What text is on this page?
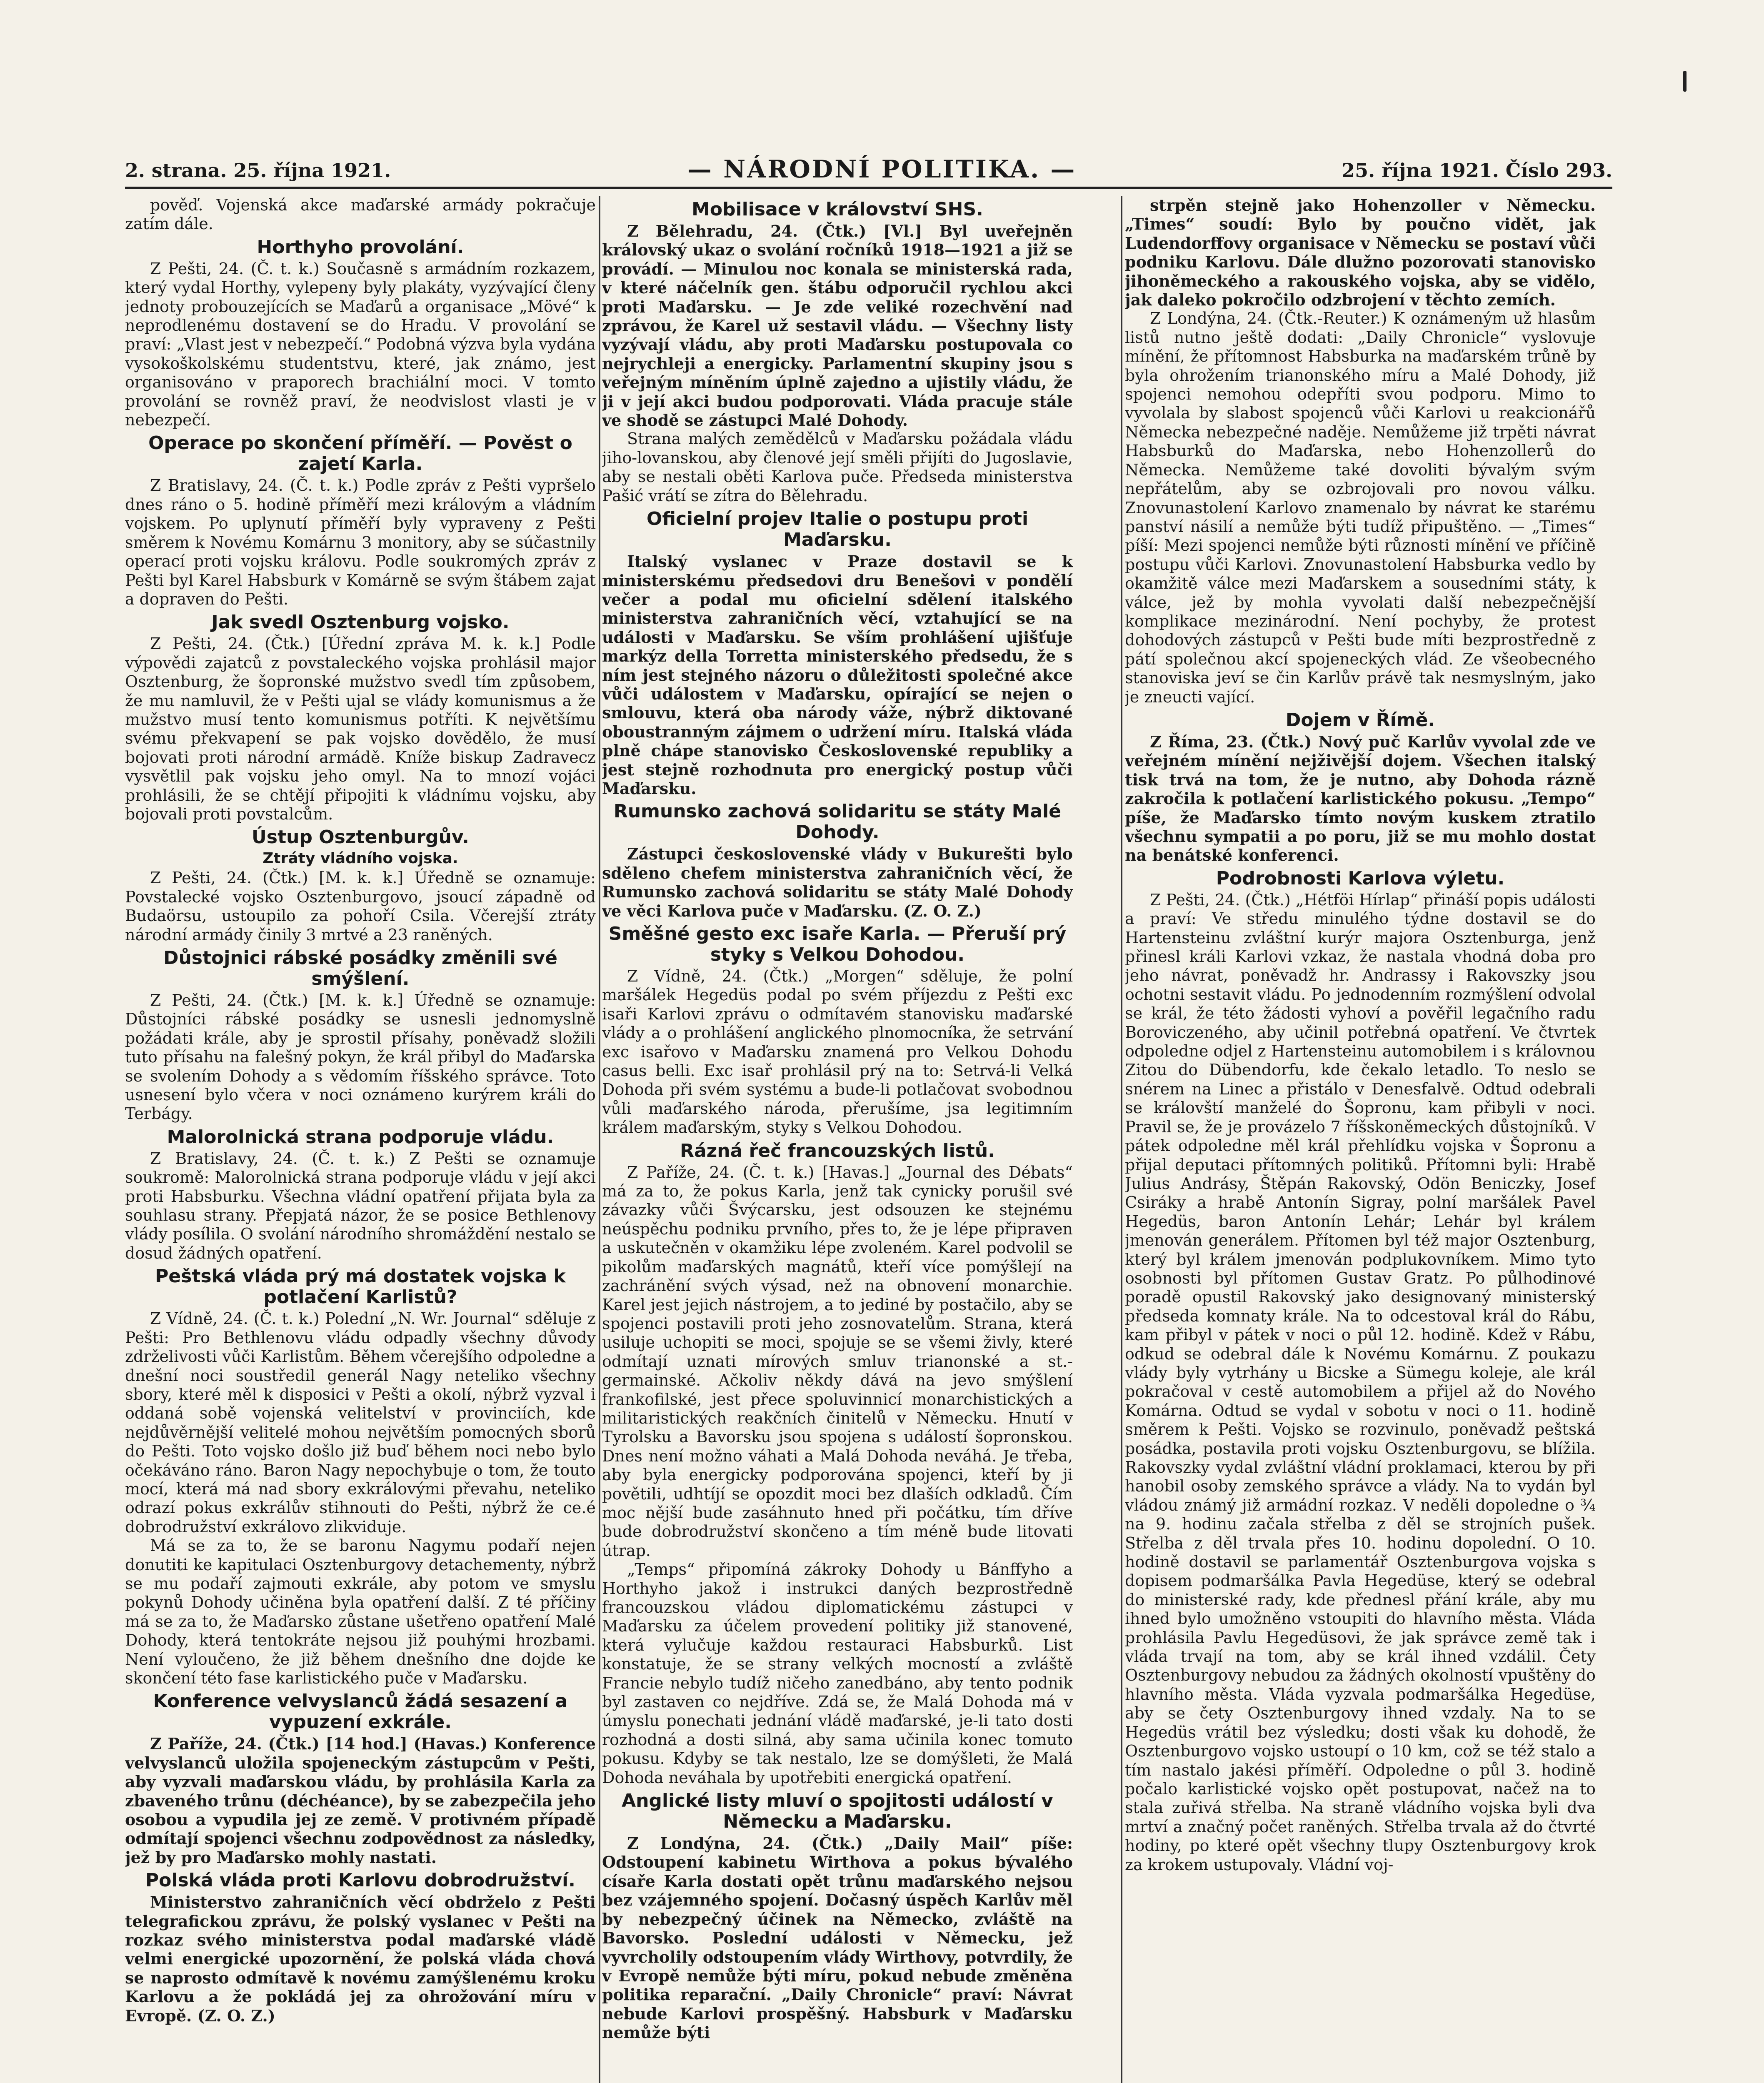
2. strana. 25. října 1921.	— NÁRODNÍ POLITIKA. —	25. října 1921. Číslo 293.

pověď. Vojenská akce maďarské armády pokračuje zatím dále.

Horthyho provolání.

Z Pešti, 24. (Č. t. k.) Současně s armádním rozkazem, který vydal Horthy, vylepeny byly plakáty, vyzývající členy jednoty probouzejících se Maďarů a organisace „Mövé“ k neprodlenému dostavení se do Hradu. V provolání se praví: „Vlast jest v nebezpečí.“ Podobná výzva byla vydána vysokoškolskému studentstvu, které, jak známo, jest organisováno v praporech brachiální moci. V tomto provolání se rovněž praví, že neodvislost vlasti je v nebezpečí.

Operace po skončení příměří. — Pověst o zajetí Karla.

Z Bratislavy, 24. (Č. t. k.) Podle zpráv z Pešti vypršelo dnes ráno o 5. hodině příměří mezi královým a vládním vojskem. Po uplynutí příměří byly vypraveny z Pešti směrem k Novému Komárnu 3 monitory, aby se súčastnily operací proti vojsku královu. Podle soukromých zpráv z Pešti byl Karel Habsburk v Komárně se svým štábem zajat a dopraven do Pešti.

Jak svedl Osztenburg vojsko.

Z Pešti, 24. (Čtk.) [Úřední zpráva M. k. k.] Podle výpovědi zajatců z povstaleckého vojska prohlásil major Osztenburg, že šopronské mužstvo svedl tím způsobem, že mu namluvil, že v Pešti ujal se vlády komunismus a že mužstvo musí tento komunismus potříti. K největšímu svému překvapení se pak vojsko dovědělo, že musí bojovati proti národní armádě. Kníže biskup Zadravecz vysvětlil pak vojsku jeho omyl. Na to mnozí vojáci prohlásili, že se chtějí připojiti k vládnímu vojsku, aby bojovali proti povstalcům.

Ústup Osztenburgův.
Ztráty vládního vojska.

Z Pešti, 24. (Čtk.) [M. k. k.] Úředně se oznamuje: Povstalecké vojsko Osztenburgovo, jsoucí západně od Budaörsu, ustoupilo za pohoří Csila. Včerejší ztráty národní armády činily 3 mrtvé a 23 raněných.

Důstojnici rábské posádky změnili své smýšlení.

Z Pešti, 24. (Čtk.) [M. k. k.] Úředně se oznamuje: Důstojníci rábské posádky se usnesli jednomyslně požádati krále, aby je sprostil přísahy, poněvadž složili tuto přísahu na falešný pokyn, že král přibyl do Maďarska se svolením Dohody a s vědomím říšského správce. Toto usnesení bylo včera v noci oznámeno kurýrem králi do Terbágy.

Malorolnická strana podporuje vládu.

Z Bratislavy, 24. (Č. t. k.) Z Pešti se oznamuje soukromě: Malorolnická strana podporuje vládu v její akci proti Habsburku. Všechna vládní opatření přijata byla za souhlasu strany. Přepjatá názor, že se posice Bethlenovy vlády posílila. O svolání národního shromáždění nestalo se dosud žádných opatření.

Peštská vláda prý má dostatek vojska k potlačení Karlistů?

Z Vídně, 24. (Č. t. k.) Polední „N. Wr. Journal“ sděluje z Pešti: Pro Bethlenovu vládu odpadly všechny důvody zdrželivosti vůči Karlistům. Během včerejšího odpoledne a dnešní noci soustředil generál Nagy neteliko všechny sbory, které měl k disposici v Pešti a okolí, nýbrž vyzval i oddaná sobě vojenská velitelství v provinciích, kde nejdůvěrnější velitelé mohou největším pomocných sborů do Pešti. Toto vojsko došlo již buď během noci nebo bylo očekáváno ráno. Baron Nagy nepochybuje o tom, že touto mocí, která má nad sbory exkrálovými převahu, neteliko odrazí pokus exkrálův stihnouti do Pešti, nýbrž že ce.é dobrodružství exkrálovo zlikviduje.

Má se za to, že se baronu Nagymu podaří nejen donutiti ke kapitulaci Osztenburgovy detachementy, nýbrž se mu podaří zajmouti exkrále, aby potom ve smyslu pokynů Dohody učiněna byla opatření další. Z té příčiny má se za to, že Maďarsko zůstane ušetřeno opatření Malé Dohody, která tentokráte nejsou již pouhými hrozbami. Není vyloučeno, že již během dnešního dne dojde ke skončení této fase karlistického puče v Maďarsku.

Konference velvyslanců žádá sesazení a vypuzení exkrále.

Z Paříže, 24. (Čtk.) [14 hod.] (Havas.) Konference velvyslanců uložila spojeneckým zástupcům v Pešti, aby vyzvali maďarskou vládu, by prohlásila Karla za zbaveného trůnu (déchéance), by se zabezpečila jeho osobou a vypudila jej ze země. V protivném případě odmítají spojenci všechnu zodpovědnost za následky, jež by pro Maďarsko mohly nastati.

Polská vláda proti Karlovu dobrodružství.

Ministerstvo zahraničních věcí obdrželo z Pešti telegrafickou zprávu, že polský vyslanec v Pešti na rozkaz svého ministerstva podal maďarské vládě velmi energické upozornění, že polská vláda chová se naprosto odmítavě k novému zamýšlenému kroku Karlovu a že pokládá jej za ohrožování míru v Evropě. (Z. O. Z.)

Mobilisace v království SHS.

Z Bělehradu, 24. (Čtk.) [Vl.] Byl uveřejněn královský ukaz o svolání ročníků 1918—1921 a již se provádí. — Minulou noc konala se ministerská rada, v které náčelník gen. štábu odporučil rychlou akci proti Maďarsku. — Je zde veliké rozechvění nad zprávou, že Karel už sestavil vládu. — Všechny listy vyzývají vládu, aby proti Maďarsku postupovala co nejrychleji a energicky. Parlamentní skupiny jsou s veřejným míněním úplně zajedno a ujistily vládu, že ji v její akci budou podporovati. Vláda pracuje stále ve shodě se zástupci Malé Dohody.

Strana malých zemědělců v Maďarsku požádala vládu jiho-lovanskou, aby členové její směli přijíti do Jugoslavie, aby se nestali oběti Karlova puče. Předseda ministerstva Pašić vrátí se zítra do Bělehradu.

Oficielní projev Italie o postupu proti Maďarsku.

Italský vyslanec v Praze dostavil se k ministerskému předsedovi dru Benešovi v pondělí večer a podal mu oficielní sdělení italského ministerstva zahraničních věcí, vztahující se na události v Maďarsku. Se vším prohlášení ujišťuje markýz della Torretta ministerského předsedu, že s ním jest stejného názoru o důležitosti společné akce vůči událostem v Maďarsku, opírající se nejen o smlouvu, která oba národy váže, nýbrž diktované oboustranným zájmem o udržení míru. Italská vláda plně chápe stanovisko Československé republiky a jest stejně rozhodnuta pro energický postup vůči Maďarsku.

Rumunsko zachová solidaritu se státy Malé Dohody.

Zástupci československé vlády v Bukurešti bylo sděleno chefem ministerstva zahraničních věcí, že Rumunsko zachová solidaritu se státy Malé Dohody ve věci Karlova puče v Maďarsku. (Z. O. Z.)

Směšné gesto exc isaře Karla. — Přeruší prý styky s Velkou Dohodou.

Z Vídně, 24. (Čtk.) „Morgen“ sděluje, že polní maršálek Hegedüs podal po svém příjezdu z Pešti exc isaři Karlovi zprávu o odmítavém stanovisku maďarské vlády a o prohlášení anglického plnomocníka, že setrvání exc isařovo v Maďarsku znamená pro Velkou Dohodu casus belli. Exc isař prohlásil prý na to: Setrvá-li Velká Dohoda při svém systému a bude-li potlačovat svobodnou vůli maďarského národa, přerušíme, jsa legitimním králem maďarským, styky s Velkou Dohodou.

Rázná řeč francouzských listů.

Z Paříže, 24. (Č. t. k.) [Havas.] „Journal des Débats“ má za to, že pokus Karla, jenž tak cynicky porušil své závazky vůči Švýcarsku, jest odsouzen ke stejnému neúspěchu podniku prvního, přes to, že je lépe připraven a uskutečněn v okamžiku lépe zvoleném. Karel podvolil se pikolům maďarských magnátů, kteří více pomýšlejí na zachránění svých výsad, než na obnovení monarchie. Karel jest jejich nástrojem, a to jediné by postačilo, aby se spojenci postavili proti jeho zosnovatelům. Strana, která usiluje uchopiti se moci, spojuje se se všemi živly, které odmítají uznati mírových smluv trianonské a st.-germainské. Ačkoliv někdy dává na jevo smýšlení frankofilské, jest přece spoluvinnicí monarchistických a militaristických reakčních činitelů v Německu. Hnutí v Tyrolsku a Bavorsku jsou spojena s událostí šopronskou. Dnes není možno váhati a Malá Dohoda neváhá. Je třeba, aby byla energicky podporována spojenci, kteří by ji povětili, udhtíjí se opozdit moci bez dlaších odkladů. Čím moc nější bude zasáhnuto hned při počátku, tím dříve bude dobrodružství skončeno a tím méně bude litovati útrap.

„Temps“ připomíná zákroky Dohody u Bánffyho a Horthyho jakož i instrukci daných bezprostředně francouzskou vládou diplomatickému zástupci v Maďarsku za účelem provedení politiky již stanovené, která vylučuje každou restauraci Habsburků. List konstatuje, že se strany velkých mocností a zvláště Francie nebylo tudíž ničeho zanedbáno, aby tento podnik byl zastaven co nejdříve. Zdá se, že Malá Dohoda má v úmyslu ponechati jednání vládě maďarské, je-li tato dosti rozhodná a dosti silná, aby sama učinila konec tomuto pokusu. Kdyby se tak nestalo, lze se domýšleti, že Malá Dohoda neváhala by upotřebiti energická opatření.

Anglické listy mluví o spojitosti událostí v Německu a Maďarsku.

Z Londýna, 24. (Čtk.) „Daily Mail“ píše: Odstoupení kabinetu Wirthova a pokus bývalého císaře Karla dostati opět trůnu maďarského nejsou bez vzájemného spojení. Dočasný úspěch Karlův měl by nebezpečný účinek na Německo, zvláště na Bavorsko. Poslední události v Německu, jež vyvrcholily odstoupením vlády Wirthovy, potvrdily, že v Evropě nemůže býti míru, pokud nebude změněna politika reparační. „Daily Chronicle“ praví: Návrat nebude Karlovi prospěšný. Habsburk v Maďarsku nemůže býti

strpěn stejně jako Hohenzoller v Německu. „Times“ soudí: Bylo by poučno vidět, jak Ludendorffovy organisace v Německu se postaví vůči podniku Karlovu. Dále dlužno pozorovati stanovisko jihoněmeckého a rakouského vojska, aby se vidělo, jak daleko pokročilo odzbrojení v těchto zemích.

Z Londýna, 24. (Čtk.-Reuter.) K oznámeným už hlasům listů nutno ještě dodati: „Daily Chronicle“ vyslovuje mínění, že přítomnost Habsburka na maďarském trůně by byla ohrožením trianonského míru a Malé Dohody, již spojenci nemohou odepříti svou podporu. Mimo to vyvolala by slabost spojenců vůči Karlovi u reakcionářů Německa nebezpečné naděje. Nemůžeme již trpěti návrat Habsburků do Maďarska, nebo Hohenzollerů do Německa. Nemůžeme také dovoliti bývalým svým nepřátelům, aby se ozbrojovali pro novou válku. Znovunastolení Karlovo znamenalo by návrat ke starému panství násilí a nemůže býti tudíž připuštěno. — „Times“ píší: Mezi spojenci nemůže býti různosti mínění ve příčině postupu vůči Karlovi. Znovunastolení Habsburka vedlo by okamžitě válce mezi Maďarskem a sousedními státy, k válce, jež by mohla vyvolati další nebezpečnější komplikace mezinárodní. Není pochyby, že protest dohodových zástupců v Pešti bude míti bezprostředně z pátí společnou akcí spojeneckých vlád. Ze všeobecného stanoviska jeví se čin Karlův právě tak nesmyslným, jako je zneucti vající.

Dojem v Římě.

Z Říma, 23. (Čtk.) Nový puč Karlův vyvolal zde ve veřejném mínění nejživější dojem. Všechen italský tisk trvá na tom, že je nutno, aby Dohoda rázně zakročila k potlačení karlistického pokusu. „Tempo“ píše, že Maďarsko tímto novým kuskem ztratilo všechnu sympatii a po poru, již se mu mohlo dostat na benátské konferenci.

Podrobnosti Karlova výletu.

Z Pešti, 24. (Čtk.) „Hétföi Hírlap“ přináší popis události a praví: Ve středu minulého týdne dostavil se do Hartensteinu zvláštní kurýr majora Osztenburga, jenž přinesl králi Karlovi vzkaz, že nastala vhodná doba pro jeho návrat, poněvadž hr. Andrassy i Rakovszky jsou ochotni sestavit vládu. Po jednodenním rozmýšlení odvolal se král, že této žádosti vyhoví a pověřil legačního radu Boroviczeného, aby učinil potřebná opatření. Ve čtvrtek odpoledne odjel z Hartensteinu automobilem i s královnou Zitou do Dübendorfu, kde čekalo letadlo. To neslo se snérem na Linec a přistálo v Denesfalvě. Odtud odebrali se královští manželé do Šopronu, kam přibyli v noci. Pravil se, že je provázelo 7 říšskoněmeckých důstojníků. V pátek odpoledne měl král přehlídku vojska v Šopronu a přijal deputaci přítomných politiků. Přítomni byli: Hrabě Julius Andrásy, Štěpán Rakovský, Odön Beniczky, Josef Csiráky a hrabě Antonín Sigray, polní maršálek Pavel Hegedüs, baron Antonín Lehár; Lehár byl králem jmenován generálem. Přítomen byl též major Osztenburg, který byl králem jmenován podplukovníkem. Mimo tyto osobnosti byl přítomen Gustav Gratz. Po půlhodinové poradě opustil Rakovský jako designovaný ministerský předseda komnaty krále. Na to odcestoval král do Rábu, kam přibyl v pátek v noci o půl 12. hodině. Kdež v Rábu, odkud se odebral dále k Novému Komárnu. Z poukazu vlády byly vytrhány u Bicske a Sümegu koleje, ale král pokračoval v cestě automobilem a přijel až do Nového Komárna. Odtud se vydal v sobotu v noci o 11. hodině směrem k Pešti. Vojsko se rozvinulo, poněvadž peštská posádka, postavila proti vojsku Osztenburgovu, se blížila. Rakovszky vydal zvláštní vládní proklamaci, kterou by při hanobil osoby zemského správce a vlády. Na to vydán byl vládou známý již armádní rozkaz. V neděli dopoledne o ¾ na 9. hodinu začala střelba z děl se strojních pušek. Střelba z děl trvala přes 10. hodinu dopolední. O 10. hodině dostavil se parlamentář Osztenburgova vojska s dopisem podmaršálka Pavla Hegedüse, který se odebral do ministerské rady, kde přednesl přání krále, aby mu ihned bylo umožněno vstoupiti do hlavního města. Vláda prohlásila Pavlu Hegedüsovi, že jak správce země tak i vláda trvají na tom, aby se král ihned vzdálil. Čety Osztenburgovy nebudou za žádných okolností vpuštěny do hlavního města. Vláda vyzvala podmaršálka Hegedüse, aby se čety Osztenburgovy ihned vzdaly. Na to se Hegedüs vrátil bez výsledku; dosti však ku dohodě, že Osztenburgovo vojsko ustoupí o 10 km, což se též stalo a tím nastalo jakési příměří. Odpoledne o půl 3. hodině počalo karlistické vojsko opět postupovat, načež na to stala zuřivá střelba. Na straně vládního vojska byli dva mrtví a značný počet raněných. Střelba trvala až do čtvrté hodiny, po které opět všechny tlupy Osztenburgovy krok za krokem ustupovaly. Vládní voj-
